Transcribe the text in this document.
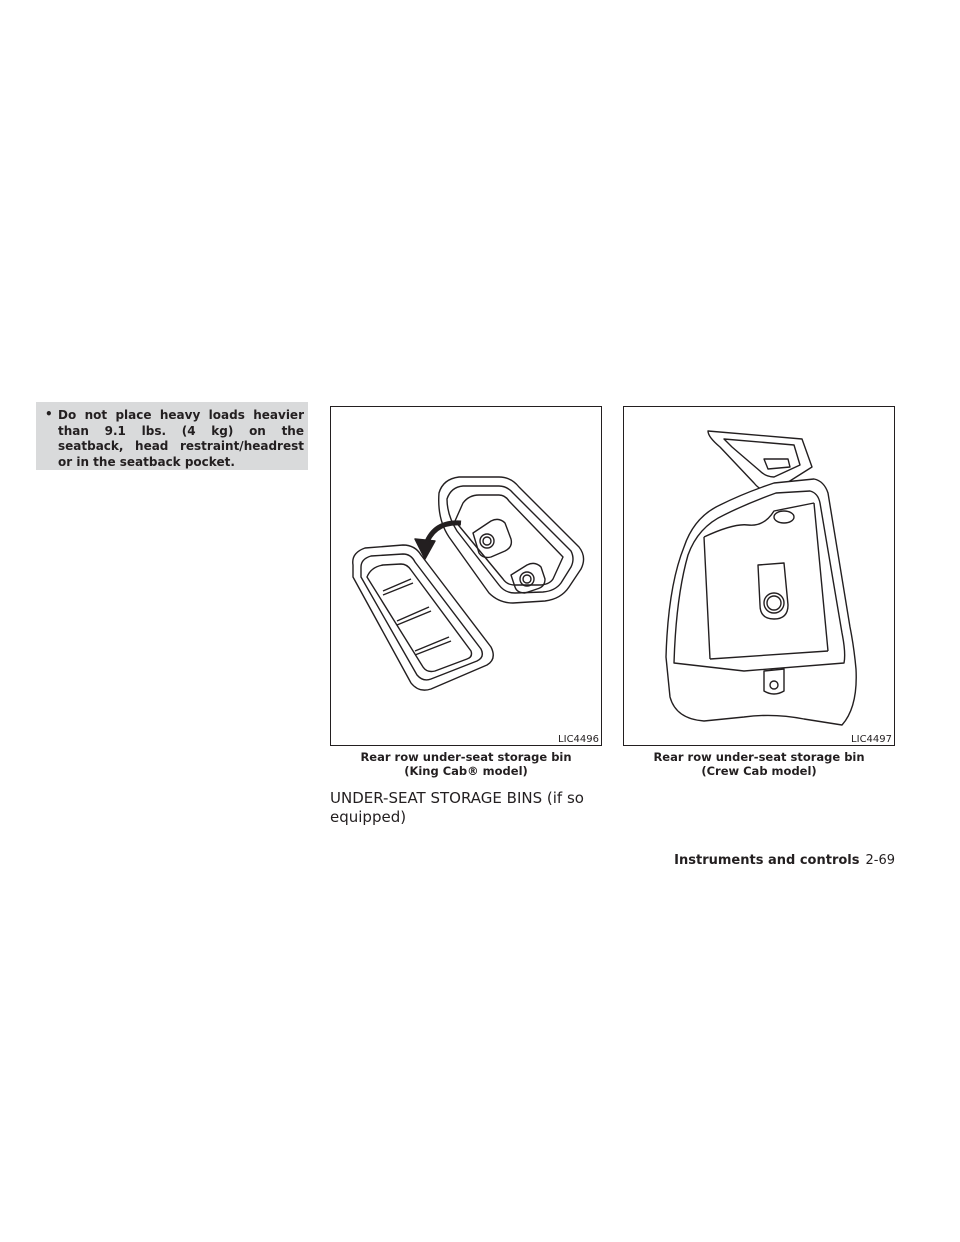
• Do not place heavy loads heavier than 9.1 lbs. (4 kg) on the seatback, head restraint/headrest or in the seatback pocket.

LIC4496	LIC4497
Rear row under-seat storage bin
(King Cab® model)
Rear row under-seat storage bin
(Crew Cab model)
UNDER-SEAT STORAGE BINS (if so equipped)
Instruments and controls 2-69
